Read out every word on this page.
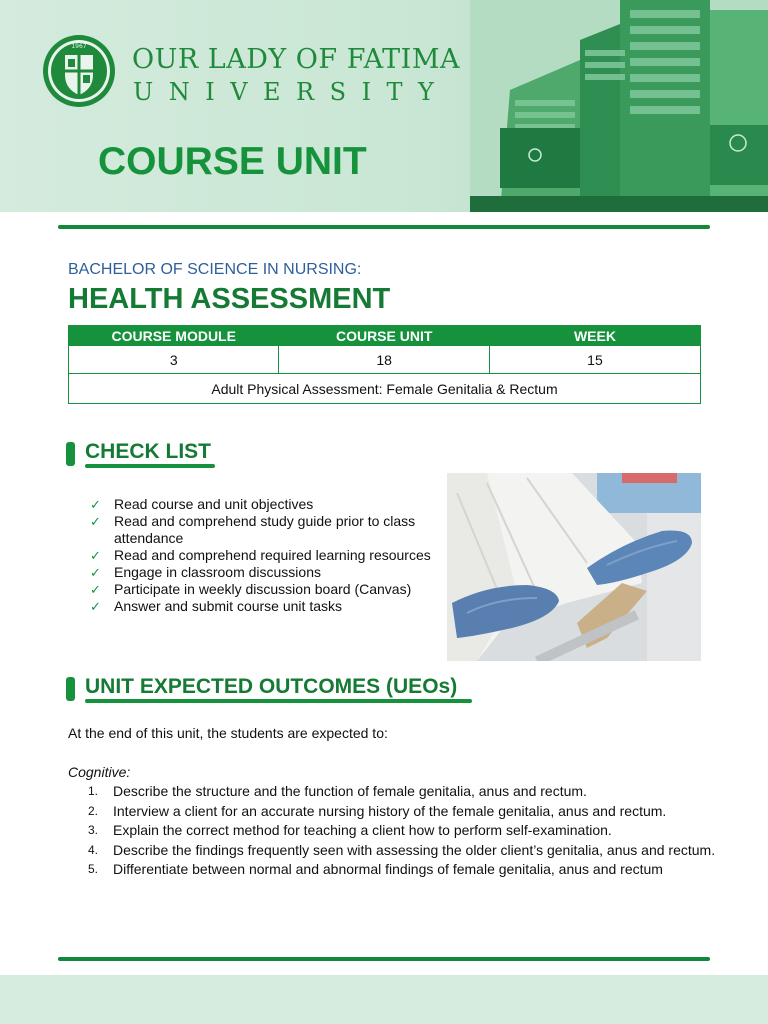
1967 OUR LADY OF FATIMA
UNIVERSITY
COURSE UNIT
BACHELOR OF SCIENCE IN NURSING:
HEALTH ASSESSMENT
COURSE MODULE	COURSE UNIT	WEEK
3	18	15
Adult Physical Assessment: Female Genitalia & Rectum		
CHECK LIST
✓ Read course and unit objectives
✓ Read and comprehend study guide prior to class attendance
✓ Read and comprehend required learning resources
✓ Engage in classroom discussions
✓ Participate in weekly discussion board (Canvas)
✓ Answer and submit course unit tasks
UNIT EXPECTED OUTCOMES (UEOs)
At the end of this unit, the students are expected to:
Cognitive:
1. Describe the structure and the function of female genitalia, anus and rectum.
2. Interview a client for an accurate nursing history of the female genitalia, anus and rectum.
3. Explain the correct method for teaching a client how to perform self-examination.
4. Describe the findings frequently seen with assessing the older client’s genitalia, anus and rectum.
5. Differentiate between normal and abnormal findings of female genitalia, anus and rectum
